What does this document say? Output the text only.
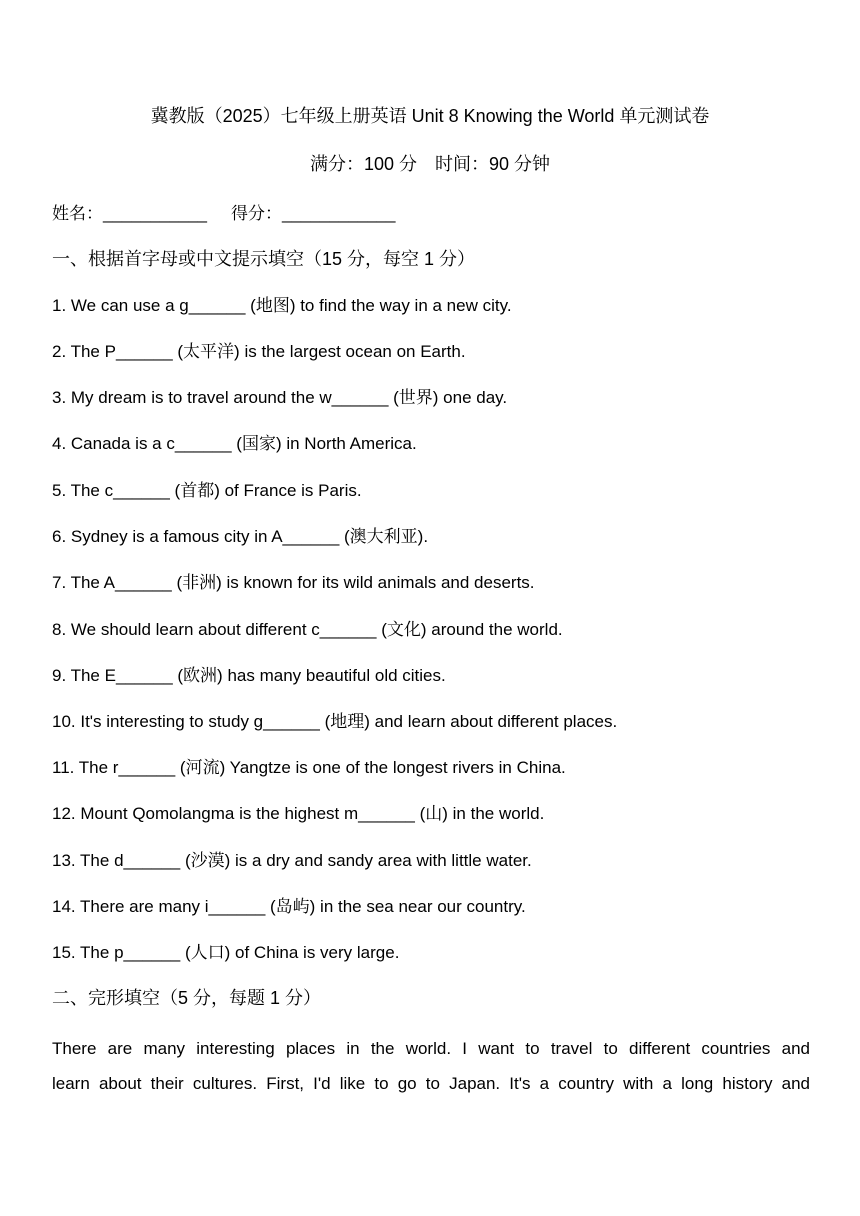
冀教版（2025）七年级上册英语 Unit 8 Knowing the World 单元测试卷
满分：100 分　时间：90 分钟
姓名：___________ 得分：____________
一、根据首字母或中文提示填空（15 分，每空 1 分）
1. We can use a g______ (地图) to find the way in a new city.
2. The P______ (太平洋) is the largest ocean on Earth.
3. My dream is to travel around the w______ (世界) one day.
4. Canada is a c______ (国家) in North America.
5. The c______ (首都) of France is Paris.
6. Sydney is a famous city in A______ (澳大利亚).
7. The A______ (非洲) is known for its wild animals and deserts.
8. We should learn about different c______ (文化) around the world.
9. The E______ (欧洲) has many beautiful old cities.
10. It's interesting to study g______ (地理) and learn about different places.
11. The r______ (河流) Yangtze is one of the longest rivers in China.
12. Mount Qomolangma is the highest m______ (山) in the world.
13. The d______ (沙漠) is a dry and sandy area with little water.
14. There are many i______ (岛屿) in the sea near our country.
15. The p______ (人口) of China is very large.
二、完形填空（5 分，每题 1 分）
There are many interesting places in the world. I want to travel to different countries and
learn about their cultures. First, I'd like to go to Japan. It's a country with a long history and
